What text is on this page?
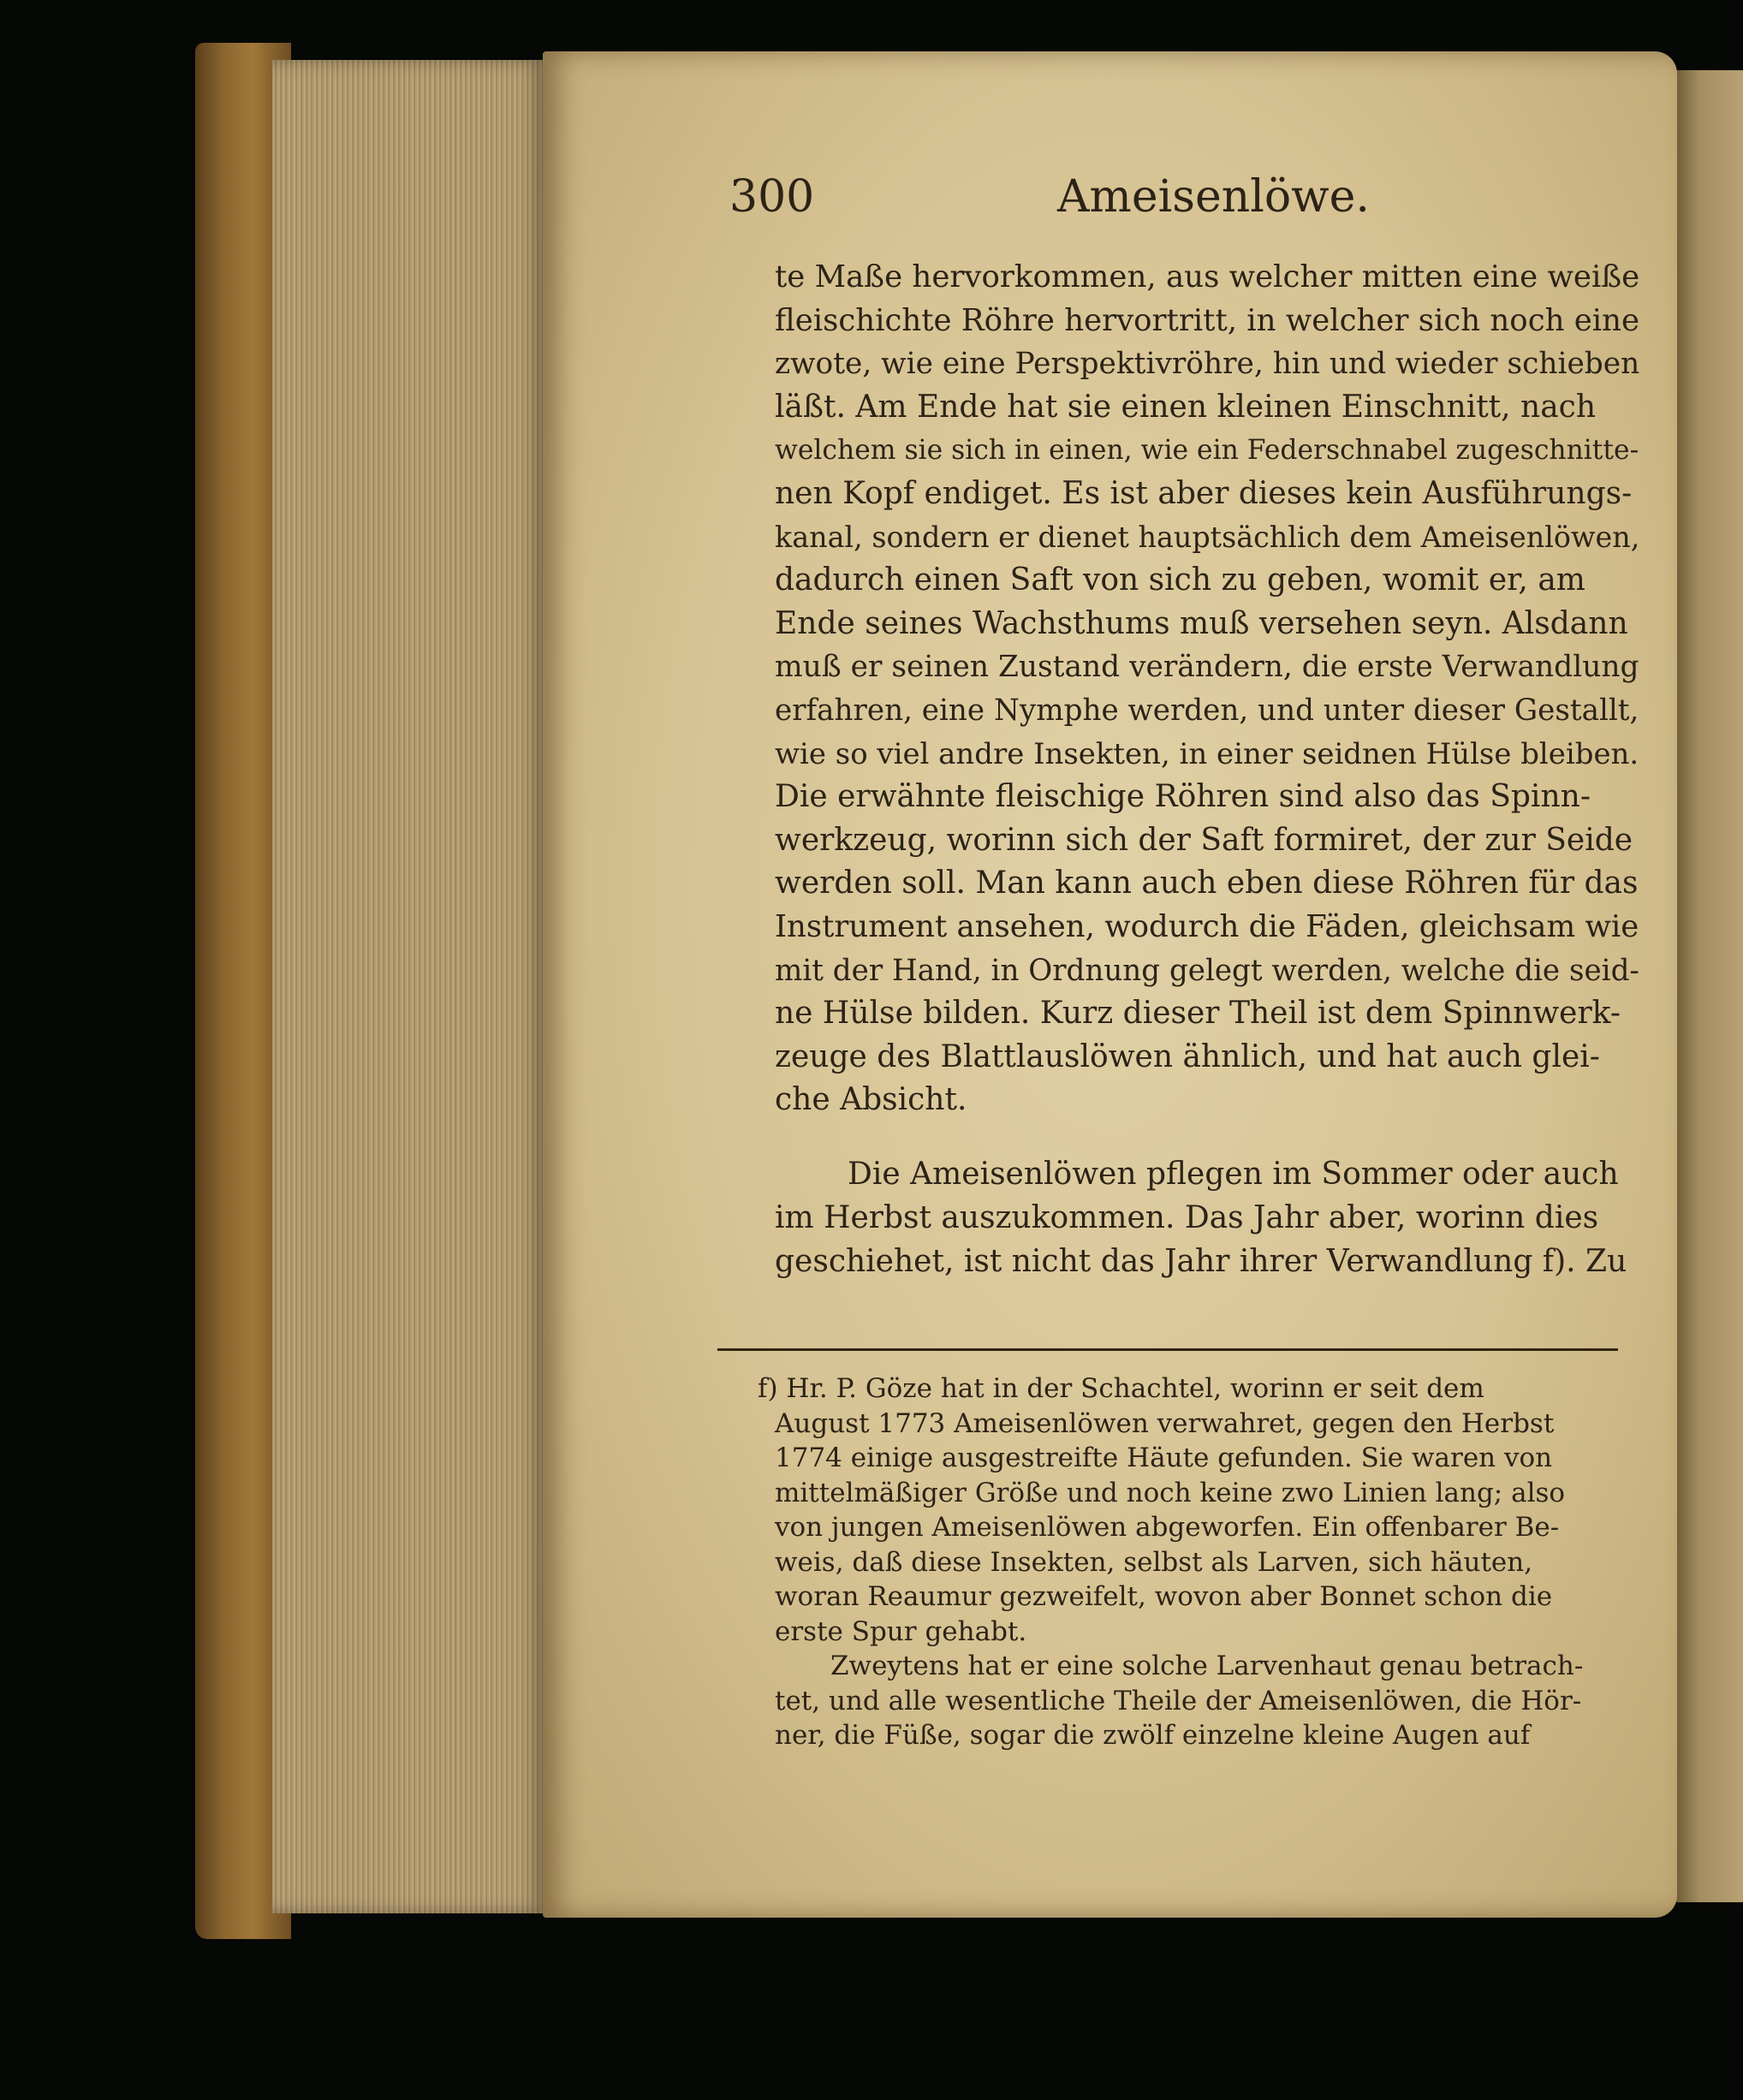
300	Ameisenlöwe.

te Maße hervorkommen, aus welcher mitten eine weiße

fleischichte Röhre hervortritt, in welcher sich noch eine

zwote, wie eine Perspektivröhre, hin und wieder schieben

läßt. Am Ende hat sie einen kleinen Einschnitt, nach

welchem sie sich in einen, wie ein Federschnabel zugeschnitte-

nen Kopf endiget. Es ist aber dieses kein Ausführungs-

kanal, sondern er dienet hauptsächlich dem Ameisenlöwen,

dadurch einen Saft von sich zu geben, womit er, am

Ende seines Wachsthums muß versehen seyn. Alsdann

muß er seinen Zustand verändern, die erste Verwandlung

erfahren, eine Nymphe werden, und unter dieser Gestallt,

wie so viel andre Insekten, in einer seidnen Hülse bleiben.

Die erwähnte fleischige Röhren sind also das Spinn-

werkzeug, worinn sich der Saft formiret, der zur Seide

werden soll. Man kann auch eben diese Röhren für das

Instrument ansehen, wodurch die Fäden, gleichsam wie

mit der Hand, in Ordnung gelegt werden, welche die seid-

ne Hülse bilden. Kurz dieser Theil ist dem Spinnwerk-

zeuge des Blattlauslöwen ähnlich, und hat auch glei-

che Absicht.

Die Ameisenlöwen pflegen im Sommer oder auch

im Herbst auszukommen. Das Jahr aber, worinn dies

geschiehet, ist nicht das Jahr ihrer Verwandlung f). Zu

f) Hr. P. Göze hat in der Schachtel, worinn er seit dem

August 1773 Ameisenlöwen verwahret, gegen den Herbst

1774 einige ausgestreifte Häute gefunden. Sie waren von

mittelmäßiger Größe und noch keine zwo Linien lang; also

von jungen Ameisenlöwen abgeworfen. Ein offenbarer Be-

weis, daß diese Insekten, selbst als Larven, sich häuten,

woran Reaumur gezweifelt, wovon aber Bonnet schon die

erste Spur gehabt.

Zweytens hat er eine solche Larvenhaut genau betrach-

tet, und alle wesentliche Theile der Ameisenlöwen, die Hör-

ner, die Füße, sogar die zwölf einzelne kleine Augen auf
